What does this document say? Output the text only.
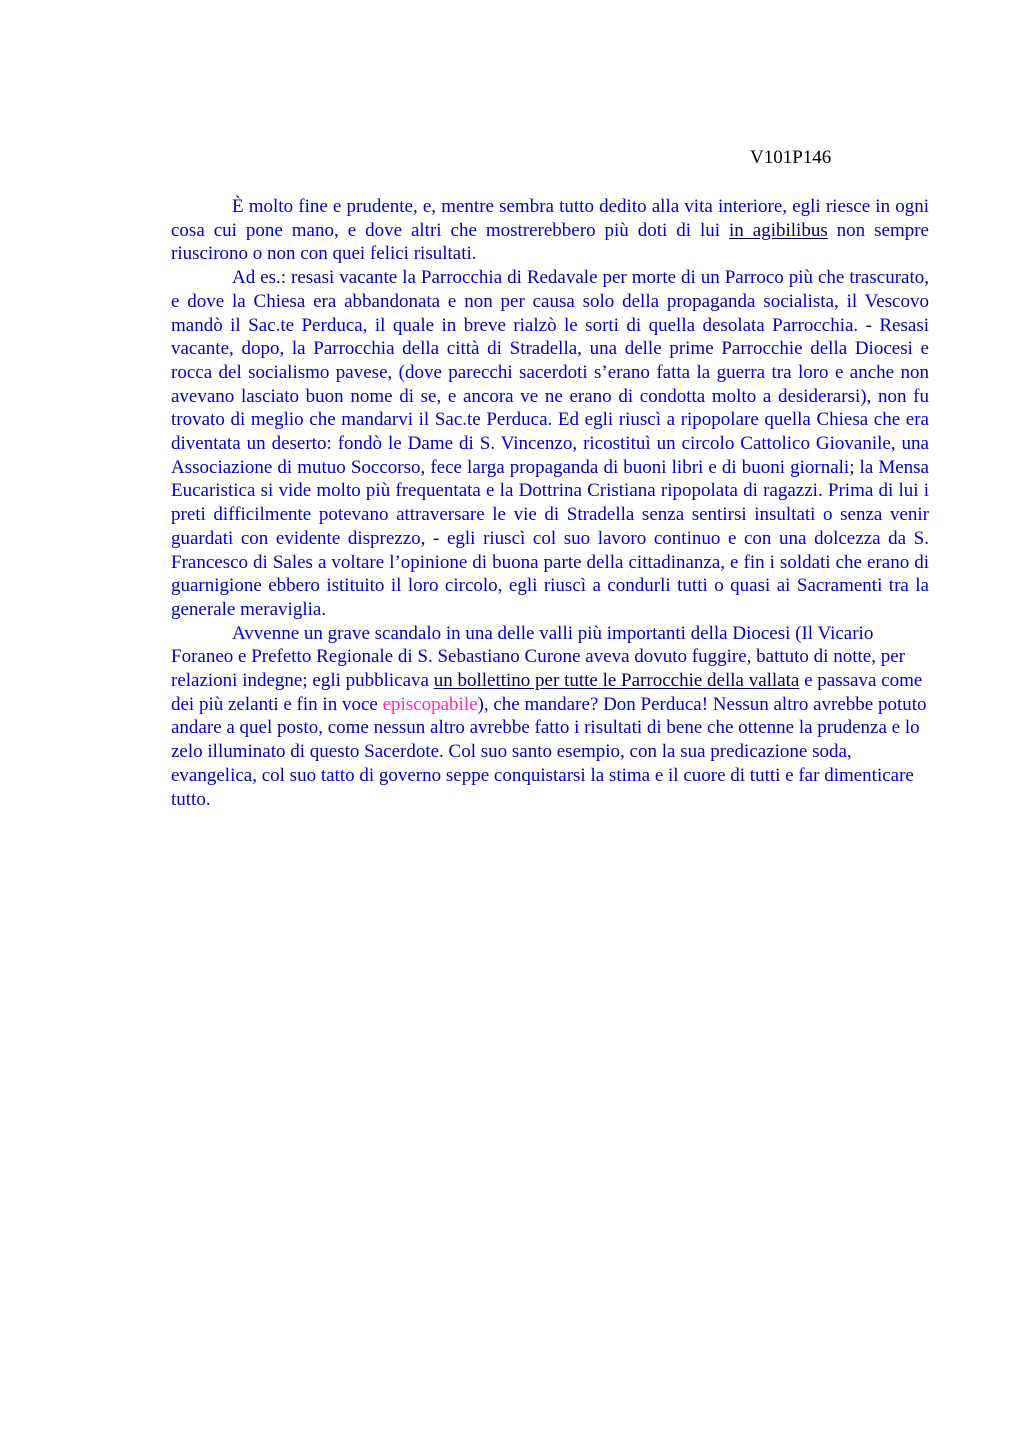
V101P146

È molto fine e prudente, e, mentre sembra tutto dedito alla vita interiore, egli riesce in ogni cosa cui pone mano, e dove altri che mostrerebbero più doti di lui in agibilibus non sempre riuscirono o non con quei felici risultati.

Ad es.: resasi vacante la Parrocchia di Redavale per morte di un Parroco più che trascurato, e dove la Chiesa era abbandonata e non per causa solo della propaganda socialista, il Vescovo mandò il Sac.te Perduca, il quale in breve rialzò le sorti di quella desolata Parrocchia. - Resasi vacante, dopo, la Parrocchia della città di Stradella, una delle prime Parrocchie della Diocesi e rocca del socialismo pavese, (dove parecchi sacerdoti s’erano fatta la guerra tra loro e anche non avevano lasciato buon nome di se, e ancora ve ne erano di condotta molto a desiderarsi), non fu trovato di meglio che mandarvi il Sac.te Perduca. Ed egli riuscì a ripopolare quella Chiesa che era diventata un deserto: fondò le Dame di S. Vincenzo, ricostituì un circolo Cattolico Giovanile, una Associazione di mutuo Soccorso, fece larga propaganda di buoni libri e di buoni giornali; la Mensa Eucaristica si vide molto più frequentata e la Dottrina Cristiana ripopolata di ragazzi. Prima di lui i preti difficilmente potevano attraversare le vie di Stradella senza sentirsi insultati o senza venir guardati con evidente disprezzo, - egli riuscì col suo lavoro continuo e con una dolcezza da S. Francesco di Sales a voltare l’opinione di buona parte della cittadinanza, e fin i soldati che erano di guarnigione ebbero istituito il loro circolo, egli riuscì a condurli tutti o quasi ai Sacramenti tra la generale meraviglia.

Avvenne un grave scandalo in una delle valli più importanti della Diocesi (Il Vicario Foraneo e Prefetto Regionale di S. Sebastiano Curone aveva dovuto fuggire, battuto di notte, per relazioni indegne; egli pubblicava un bollettino per tutte le Parrocchie della vallata e passava come dei più zelanti e fin in voce episcopabile), che mandare? Don Perduca! Nessun altro avrebbe potuto andare a quel posto, come nessun altro avrebbe fatto i risultati di bene che ottenne la prudenza e lo zelo illuminato di questo Sacerdote. Col suo santo esempio, con la sua predicazione soda, evangelica, col suo tatto di governo seppe conquistarsi la stima e il cuore di tutti e far dimenticare tutto.
